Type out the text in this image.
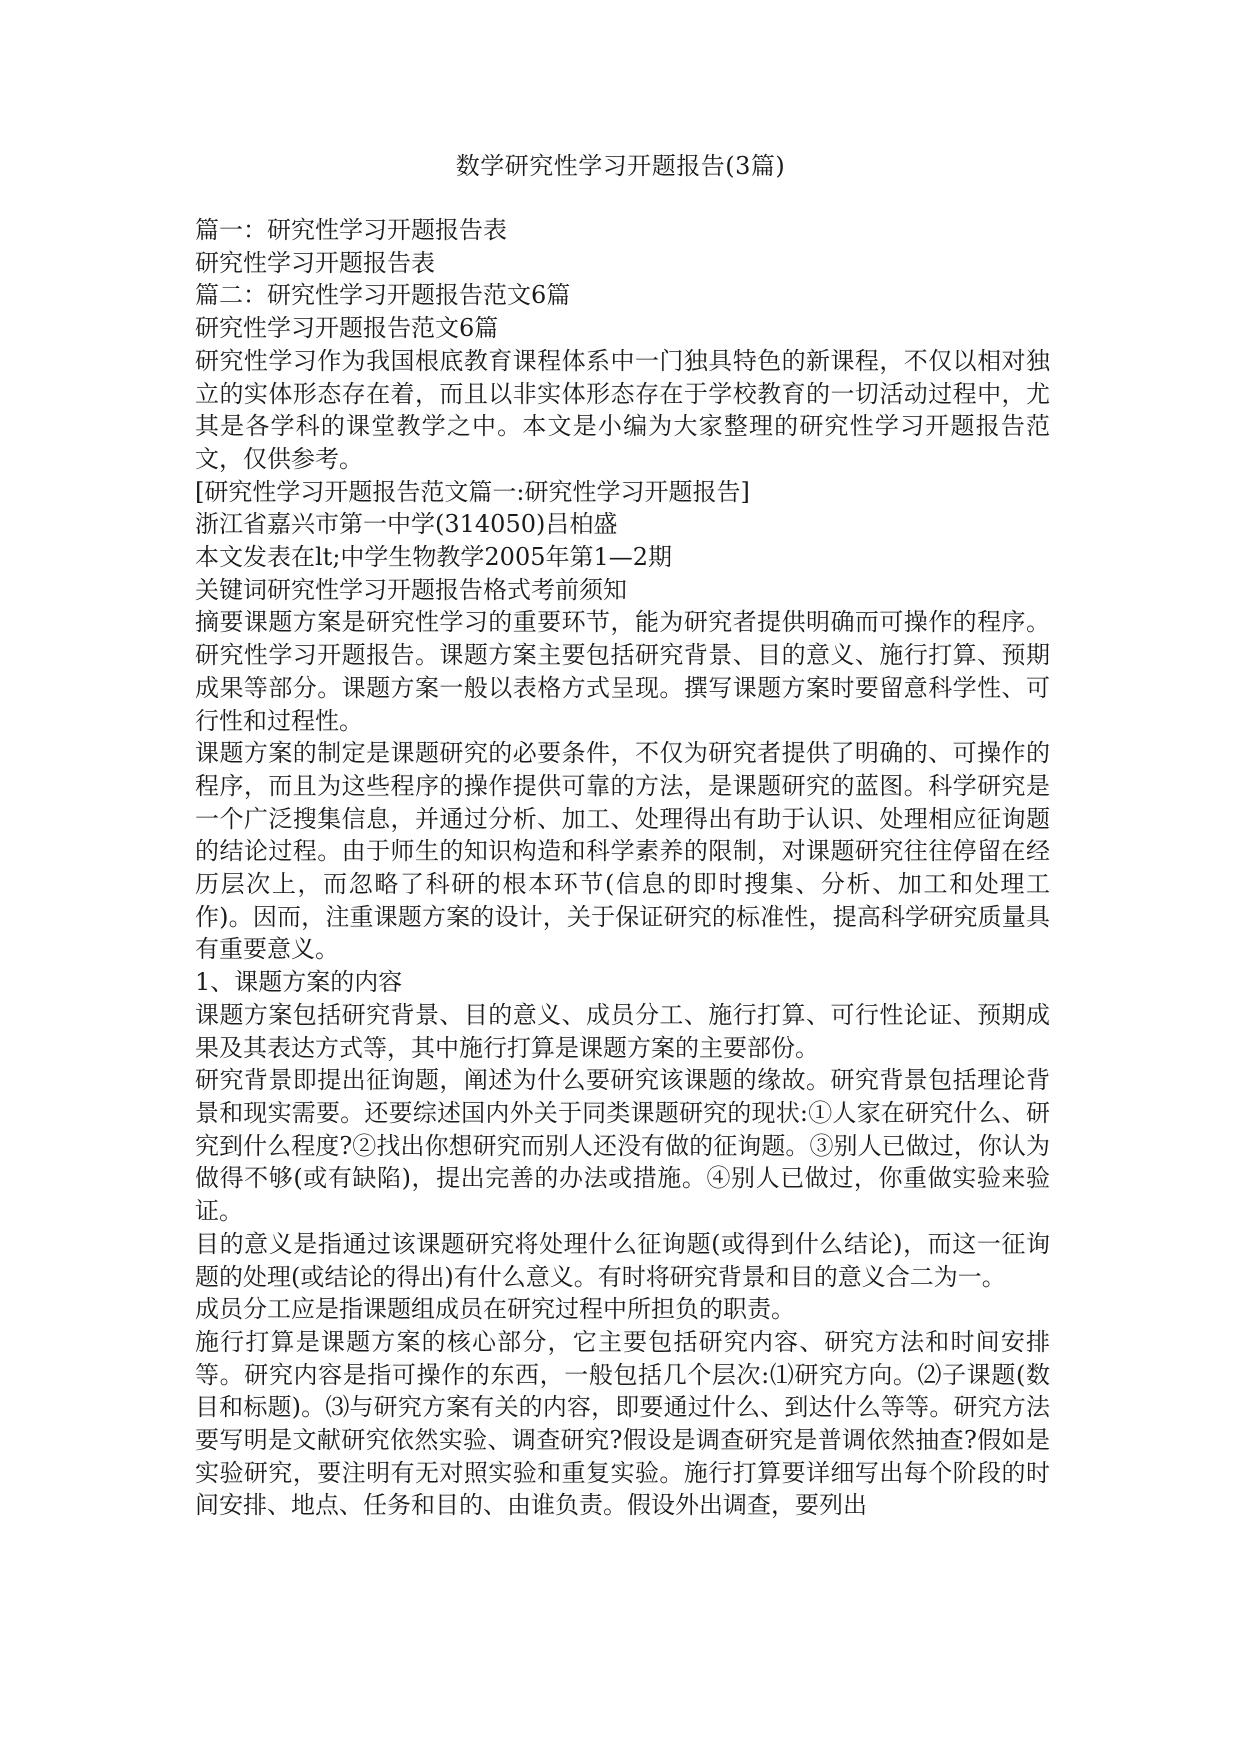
数学研究性学习开题报告(3篇)

篇一：研究性学习开题报告表

研究性学习开题报告表

篇二：研究性学习开题报告范文6篇

研究性学习开题报告范文6篇

研究性学习作为我国根底教育课程体系中一门独具特色的新课程，不仅以相对独立的实体形态存在着，而且以非实体形态存在于学校教育的一切活动过程中，尤其是各学科的课堂教学之中。本文是小编为大家整理的研究性学习开题报告范文，仅供参考。

[研究性学习开题报告范文篇一:研究性学习开题报告]

浙江省嘉兴市第一中学(314050)吕柏盛

本文发表在lt;中学生物教学2005年第1—2期

关键词研究性学习开题报告格式考前须知

摘要课题方案是研究性学习的重要环节，能为研究者提供明确而可操作的程序。研究性学习开题报告。课题方案主要包括研究背景、目的意义、施行打算、预期成果等部分。课题方案一般以表格方式呈现。撰写课题方案时要留意科学性、可行性和过程性。

课题方案的制定是课题研究的必要条件，不仅为研究者提供了明确的、可操作的程序，而且为这些程序的操作提供可靠的方法，是课题研究的蓝图。科学研究是一个广泛搜集信息，并通过分析、加工、处理得出有助于认识、处理相应征询题的结论过程。由于师生的知识构造和科学素养的限制，对课题研究往往停留在经历层次上，而忽略了科研的根本环节(信息的即时搜集、分析、加工和处理工作)。因而，注重课题方案的设计，关于保证研究的标准性，提高科学研究质量具有重要意义。

1、课题方案的内容

课题方案包括研究背景、目的意义、成员分工、施行打算、可行性论证、预期成果及其表达方式等，其中施行打算是课题方案的主要部份。

研究背景即提出征询题，阐述为什么要研究该课题的缘故。研究背景包括理论背景和现实需要。还要综述国内外关于同类课题研究的现状:①人家在研究什么、研究到什么程度?②找出你想研究而别人还没有做的征询题。③别人已做过，你认为做得不够(或有缺陷)，提出完善的办法或措施。④别人已做过，你重做实验来验证。

目的意义是指通过该课题研究将处理什么征询题(或得到什么结论)，而这一征询题的处理(或结论的得出)有什么意义。有时将研究背景和目的意义合二为一。

成员分工应是指课题组成员在研究过程中所担负的职责。

施行打算是课题方案的核心部分，它主要包括研究内容、研究方法和时间安排等。研究内容是指可操作的东西，一般包括几个层次:⑴研究方向。⑵子课题(数目和标题)。⑶与研究方案有关的内容，即要通过什么、到达什么等等。研究方法要写明是文献研究依然实验、调查研究?假设是调查研究是普调依然抽查?假如是实验研究，要注明有无对照实验和重复实验。施行打算要详细写出每个阶段的时间安排、地点、任务和目的、由谁负责。假设外出调查，要列出
